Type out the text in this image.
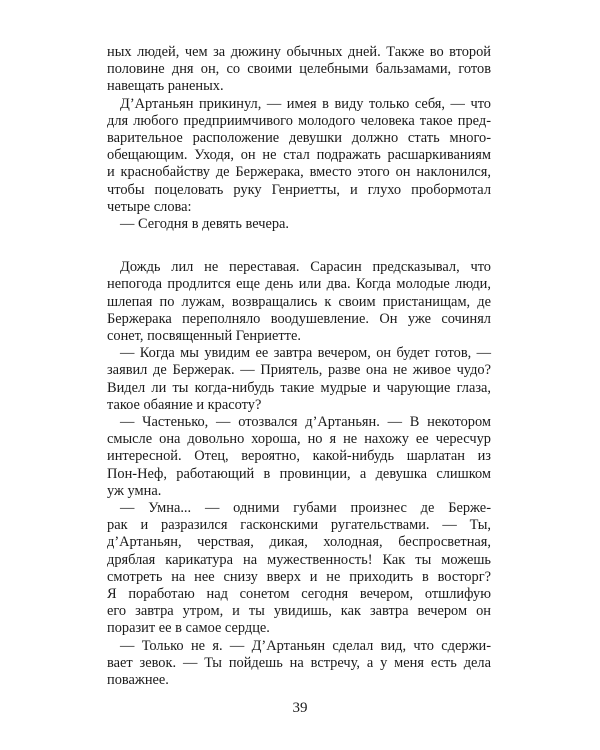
ных людей, чем за дюжину обычных дней. Также во второй

половине дня он, со своими целебными бальзамами, готов

навещать раненых.

Д’Артаньян прикинул, — имея в виду только себя, — что

для любого предприимчивого молодого человека такое пред-

варительное расположение девушки должно стать много-

обещающим. Уходя, он не стал подражать расшаркиваниям

и краснобайству де Бержерака, вместо этого он наклонился,

чтобы поцеловать руку Генриетты, и глухо пробормотал

четыре слова:

— Сегодня в девять вечера.

Дождь лил не переставая. Сарасин предсказывал, что

непогода продлится еще день или два. Когда молодые люди,

шлепая по лужам, возвращались к своим пристанищам, де

Бержерака переполняло воодушевление. Он уже сочинял

сонет, посвященный Генриетте.

— Когда мы увидим ее завтра вечером, он будет готов, —

заявил де Бержерак. — Приятель, разве она не живое чудо?

Видел ли ты когда-нибудь такие мудрые и чарующие глаза,

такое обаяние и красоту?

— Частенько, — отозвался д’Артаньян. — В некотором

смысле она довольно хороша, но я не нахожу ее чересчур

интересной. Отец, вероятно, какой-нибудь шарлатан из

Пон-Неф, работающий в провинции, а девушка слишком

уж умна.

— Умна... — одними губами произнес де Берже-

рак и разразился гасконскими ругательствами. — Ты,

д’Артаньян, черствая, дикая, холодная, беспросветная,

дряблая карикатура на мужественность! Как ты можешь

смотреть на нее снизу вверх и не приходить в восторг?

Я поработаю над сонетом сегодня вечером, отшлифую

его завтра утром, и ты увидишь, как завтра вечером он

поразит ее в самое сердце.

— Только не я. — Д’Артаньян сделал вид, что сдержи-

вает зевок. — Ты пойдешь на встречу, а у меня есть дела

поважнее.

39
